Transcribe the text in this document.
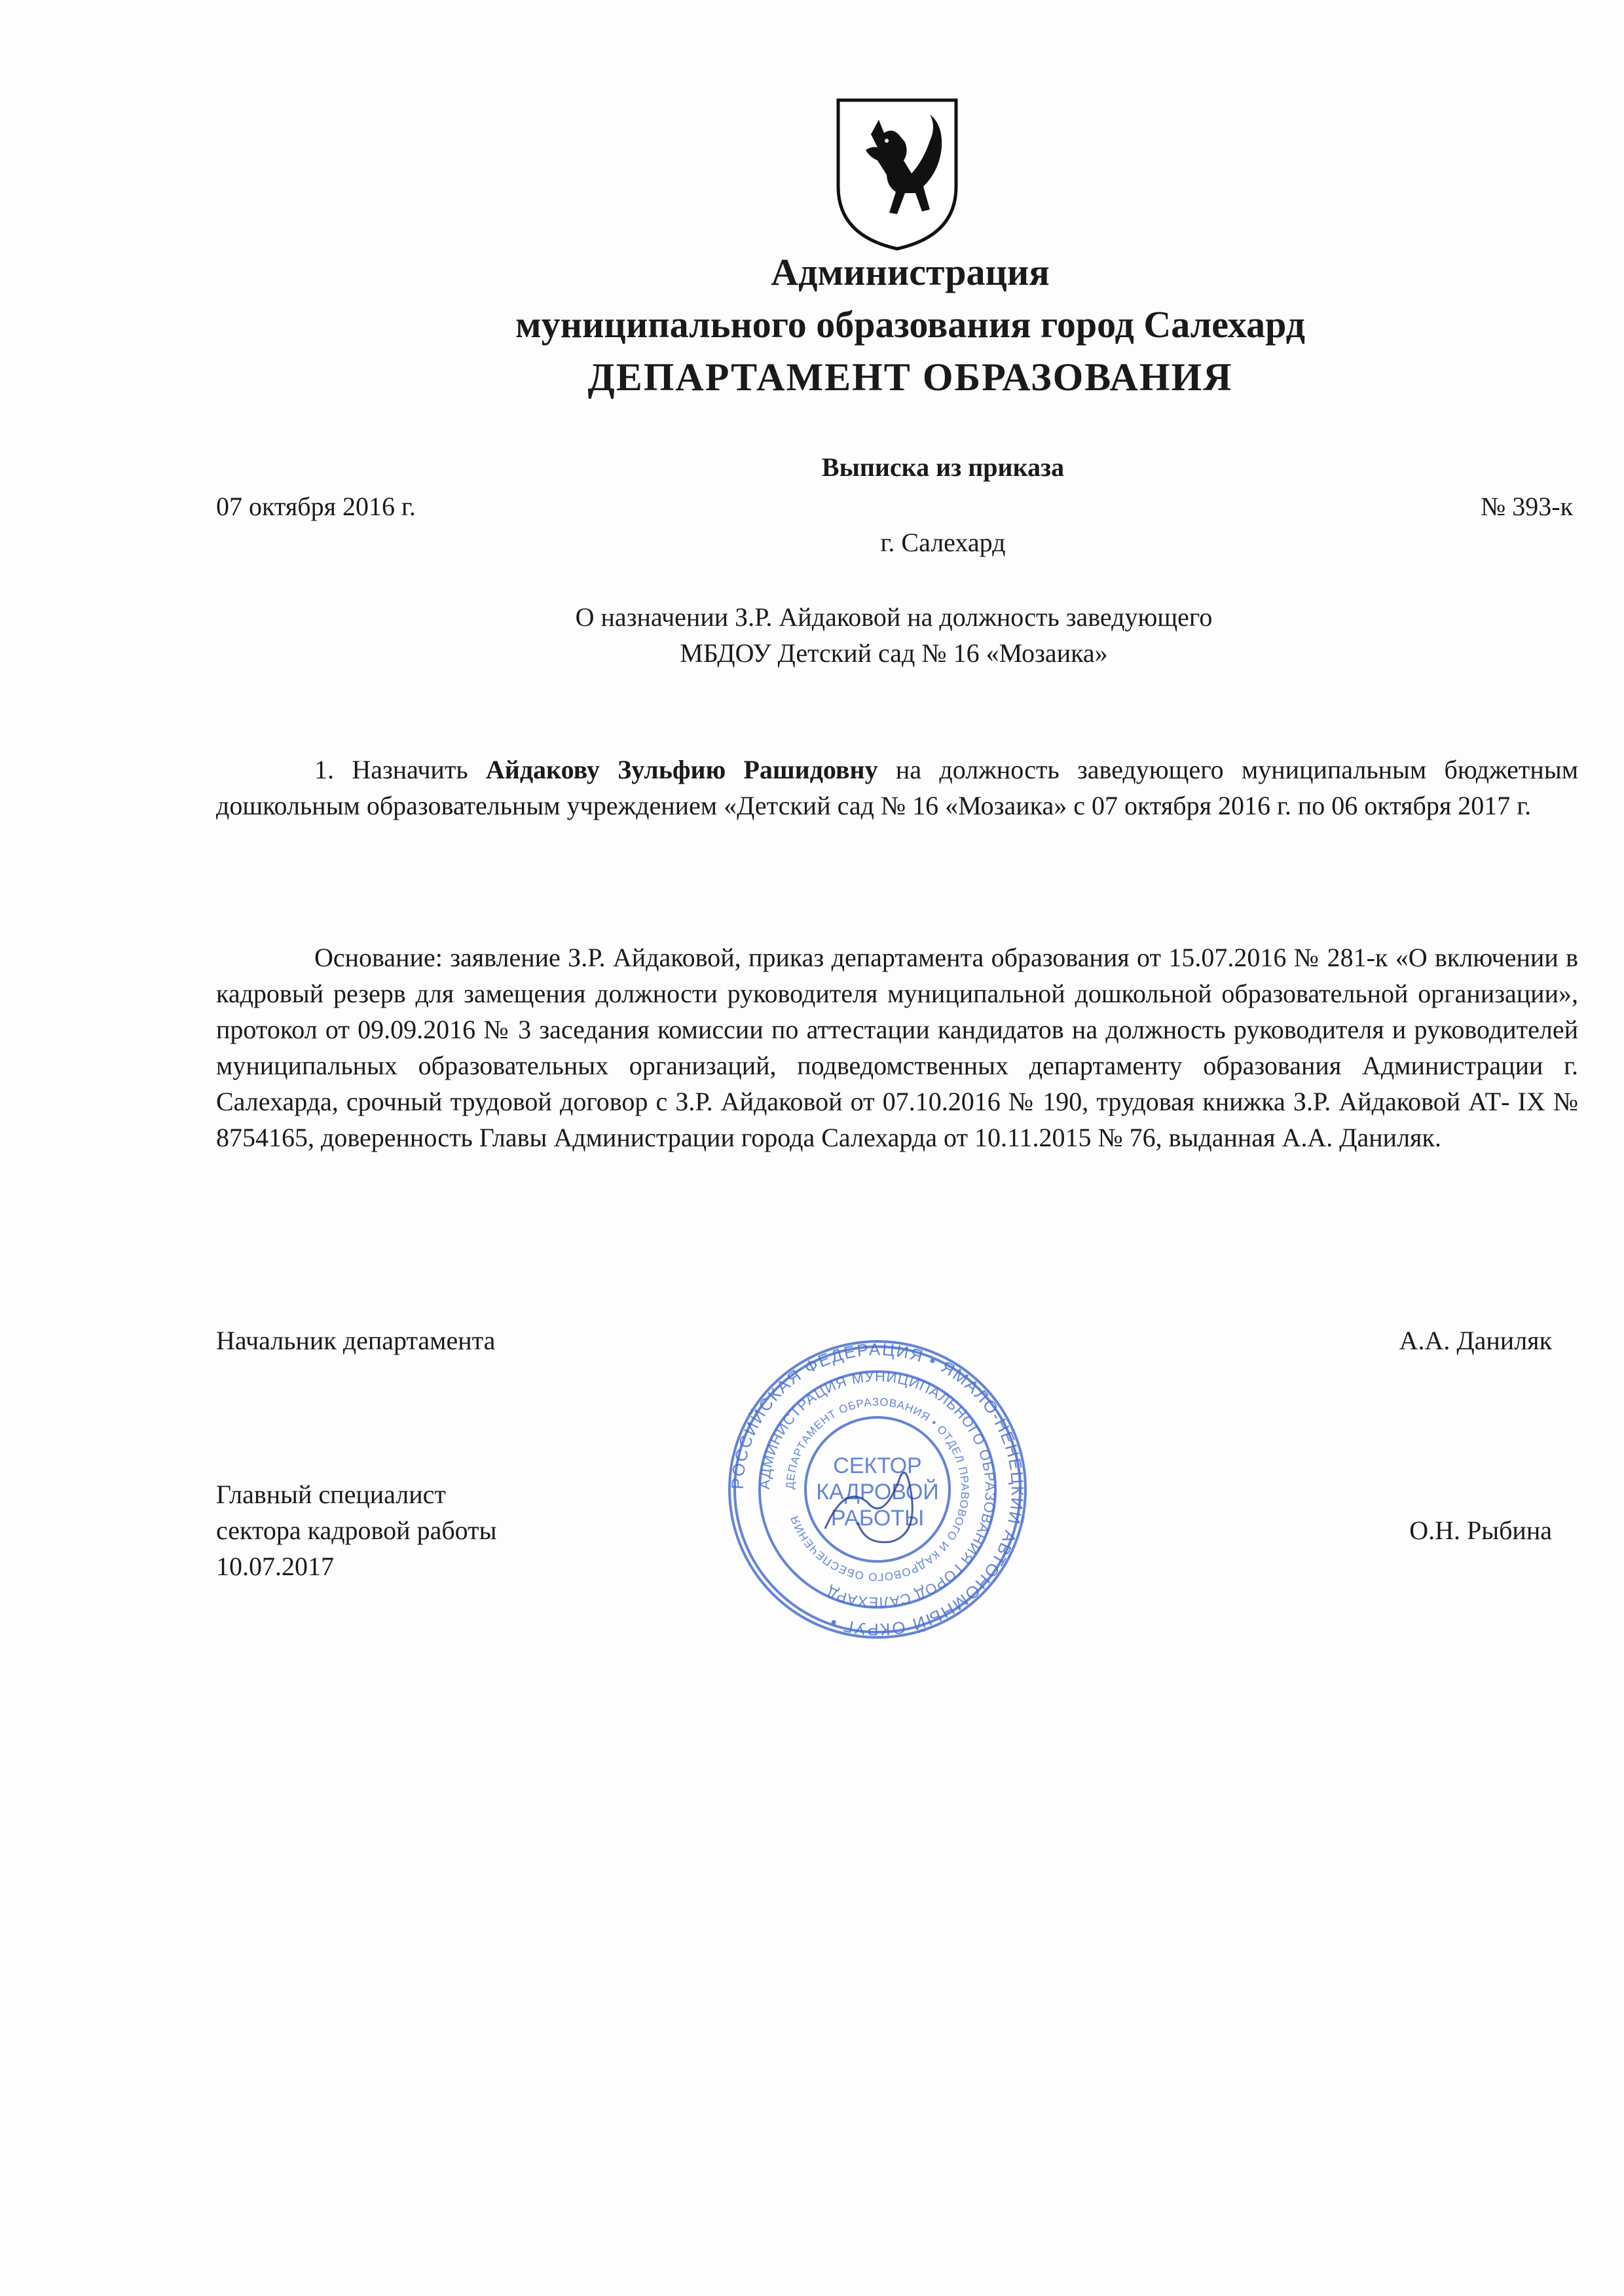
Администрация
муниципального образования город Салехард
ДЕПАРТАМЕНТ ОБРАЗОВАНИЯ
Выписка из приказа
07 октября 2016 г.	№ 393-к
г. Салехард
О назначении З.Р. Айдаковой на должность заведующего
МБДОУ Детский сад № 16 «Мозаика»
1. Назначить Айдакову Зульфию Рашидовну на должность заведующего муниципальным бюджетным дошкольным образовательным учреждением «Детский сад № 16 «Мозаика» с 07 октября 2016 г. по 06 октября 2017 г.
Основание: заявление З.Р. Айдаковой, приказ департамента образования от 15.07.2016 № 281-к «О включении в кадровый резерв для замещения должности руководителя муниципальной дошкольной образовательной организации», протокол от 09.09.2016 № 3 заседания комиссии по аттестации кандидатов на должность руководителя и руководителей муниципальных образовательных организаций, подведомственных департаменту образования Администрации г. Салехарда, срочный трудовой договор с З.Р. Айдаковой от 07.10.2016 № 190, трудовая книжка З.Р. Айдаковой АТ- IX № 8754165, доверенность Главы Администрации города Салехарда от 10.11.2015 № 76, выданная А.А. Даниляк.
Начальник департамента	А.А. Даниляк
Главный специалист
сектора кадровой работы
10.07.2017
О.Н. Рыбина
РОССИЙСКАЯ ФЕДЕРАЦИЯ • ЯМАЛО-НЕНЕЦКИЙ АВТОНОМНЫЙ ОКРУГ •
АДМИНИСТРАЦИЯ МУНИЦИПАЛЬНОГО ОБРАЗОВАНИЯ ГОРОД САЛЕХАРД
ДЕПАРТАМЕНТ ОБРАЗОВАНИЯ • ОТДЕЛ ПРАВОВОГО И КАДРОВОГО ОБЕСПЕЧЕНИЯ
СЕКТОР
КАДРОВОЙ
РАБОТЫ
